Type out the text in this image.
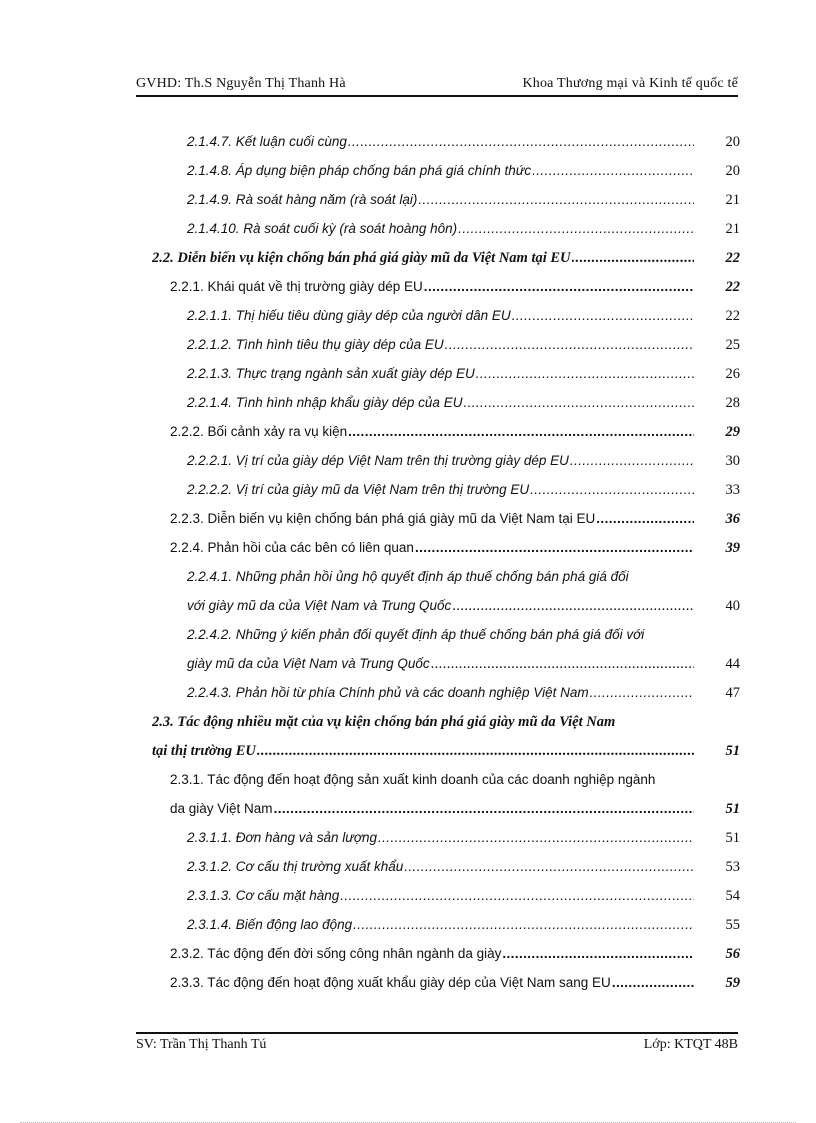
GVHD: Th.S Nguyễn Thị Thanh Hà	Khoa Thương mại và Kinh tế quốc tế
2.1.4.7. Kết luận cuối cùng .....	20
2.1.4.8. Áp dụng biện pháp chống bán phá giá chính thức .....	20
2.1.4.9. Rà soát hàng năm (rà soát lại) .....	21
2.1.4.10. Rà soát cuối kỳ (rà soát hoàng hôn) .....	21
2.2. Diễn biến vụ kiện chống bán phá giá giày mũ da Việt Nam tại EU .....	22
2.2.1. Khái quát về thị trường giày dép EU .....	22
2.2.1.1. Thị hiếu tiêu dùng giày dép của người dân EU .....	22
2.2.1.2. Tình hình tiêu thụ giày dép của EU .....	25
2.2.1.3. Thực trạng ngành sản xuất giày dép EU .....	26
2.2.1.4. Tình hình nhập khẩu giày dép của EU .....	28
2.2.2. Bối cảnh xảy ra vụ kiện .....	29
2.2.2.1. Vị trí của giày dép Việt Nam trên thị trường giày dép EU .....	30
2.2.2.2. Vị trí của giày mũ da Việt Nam trên thị trường EU .....	33
2.2.3. Diễn biến vụ kiện chống bán phá giá giày mũ da Việt Nam tại EU .....	36
2.2.4. Phản hồi của các bên có liên quan .....	39
2.2.4.1. Những phản hồi ủng hộ quyết định áp thuế chống bán phá giá đối
với giày mũ da của Việt Nam và Trung Quốc .....	40
2.2.4.2. Những ý kiến phản đối quyết định áp thuế chống bán phá giá đối với
giày mũ da của Việt Nam và Trung Quốc .....	44
2.2.4.3. Phản hồi từ phía Chính phủ và các doanh nghiệp Việt Nam .....	47
2.3. Tác động nhiều mặt của vụ kiện chống bán phá giá giày mũ da Việt Nam
tại thị trường EU .....	51
2.3.1. Tác động đến hoạt động sản xuất kinh doanh của các doanh nghiệp ngành
da giày Việt Nam .....	51
2.3.1.1. Đơn hàng và sản lượng .....	51
2.3.1.2. Cơ cấu thị trường xuất khẩu .....	53
2.3.1.3. Cơ cấu mặt hàng .....	54
2.3.1.4. Biến động lao động .....	55
2.3.2. Tác động đến đời sống công nhân ngành da giày .....	56
2.3.3. Tác động đến hoạt động xuất khẩu giày dép của Việt Nam sang EU .....	59
SV: Trần Thị Thanh Tú	Lớp: KTQT 48B
